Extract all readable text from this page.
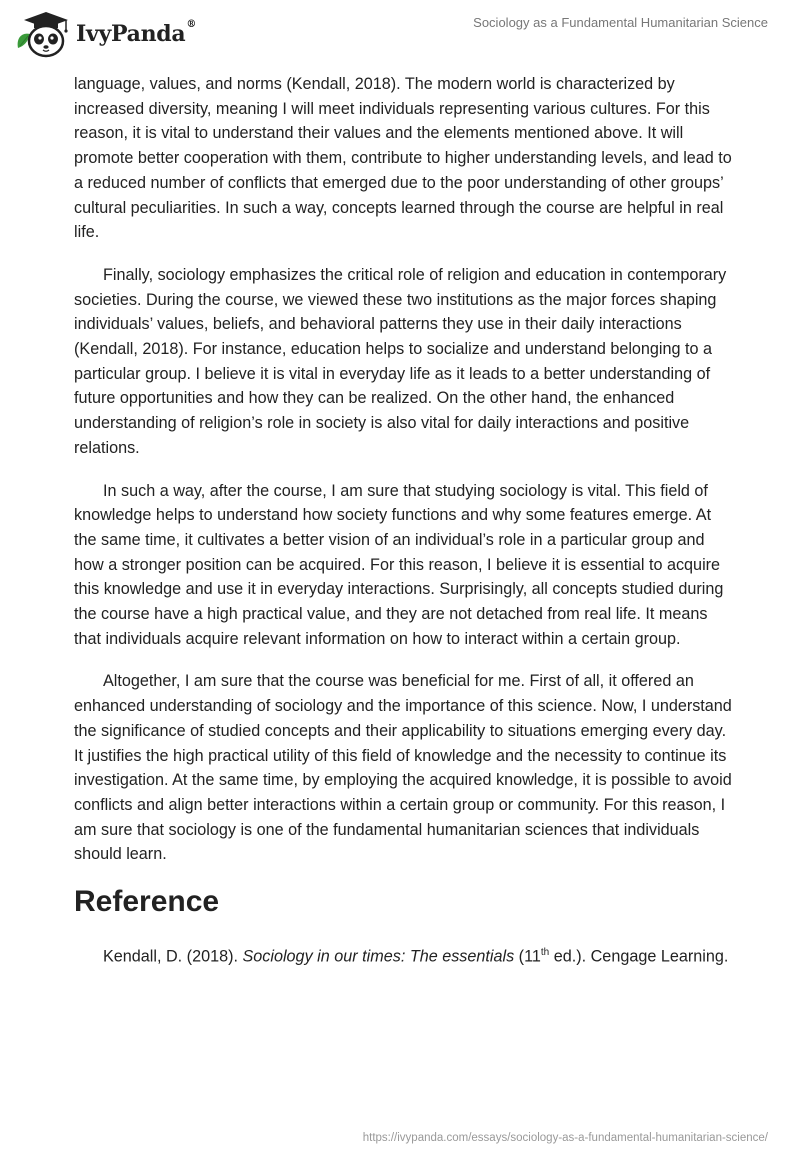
IvyPanda®	Sociology as a Fundamental Humanitarian Science

language, values, and norms (Kendall, 2018). The modern world is characterized by increased diversity, meaning I will meet individuals representing various cultures. For this reason, it is vital to understand their values and the elements mentioned above. It will promote better cooperation with them, contribute to higher understanding levels, and lead to a reduced number of conflicts that emerged due to the poor understanding of other groups’ cultural peculiarities. In such a way, concepts learned through the course are helpful in real life.

Finally, sociology emphasizes the critical role of religion and education in contemporary societies. During the course, we viewed these two institutions as the major forces shaping individuals’ values, beliefs, and behavioral patterns they use in their daily interactions (Kendall, 2018). For instance, education helps to socialize and understand belonging to a particular group. I believe it is vital in everyday life as it leads to a better understanding of future opportunities and how they can be realized. On the other hand, the enhanced understanding of religion’s role in society is also vital for daily interactions and positive relations.

In such a way, after the course, I am sure that studying sociology is vital. This field of knowledge helps to understand how society functions and why some features emerge. At the same time, it cultivates a better vision of an individual’s role in a particular group and how a stronger position can be acquired. For this reason, I believe it is essential to acquire this knowledge and use it in everyday interactions. Surprisingly, all concepts studied during the course have a high practical value, and they are not detached from real life. It means that individuals acquire relevant information on how to interact within a certain group.

Altogether, I am sure that the course was beneficial for me. First of all, it offered an enhanced understanding of sociology and the importance of this science. Now, I understand the significance of studied concepts and their applicability to situations emerging every day. It justifies the high practical utility of this field of knowledge and the necessity to continue its investigation. At the same time, by employing the acquired knowledge, it is possible to avoid conflicts and align better interactions within a certain group or community. For this reason, I am sure that sociology is one of the fundamental humanitarian sciences that individuals should learn.

Reference

Kendall, D. (2018). Sociology in our times: The essentials (11th ed.). Cengage Learning.

https://ivypanda.com/essays/sociology-as-a-fundamental-humanitarian-science/
